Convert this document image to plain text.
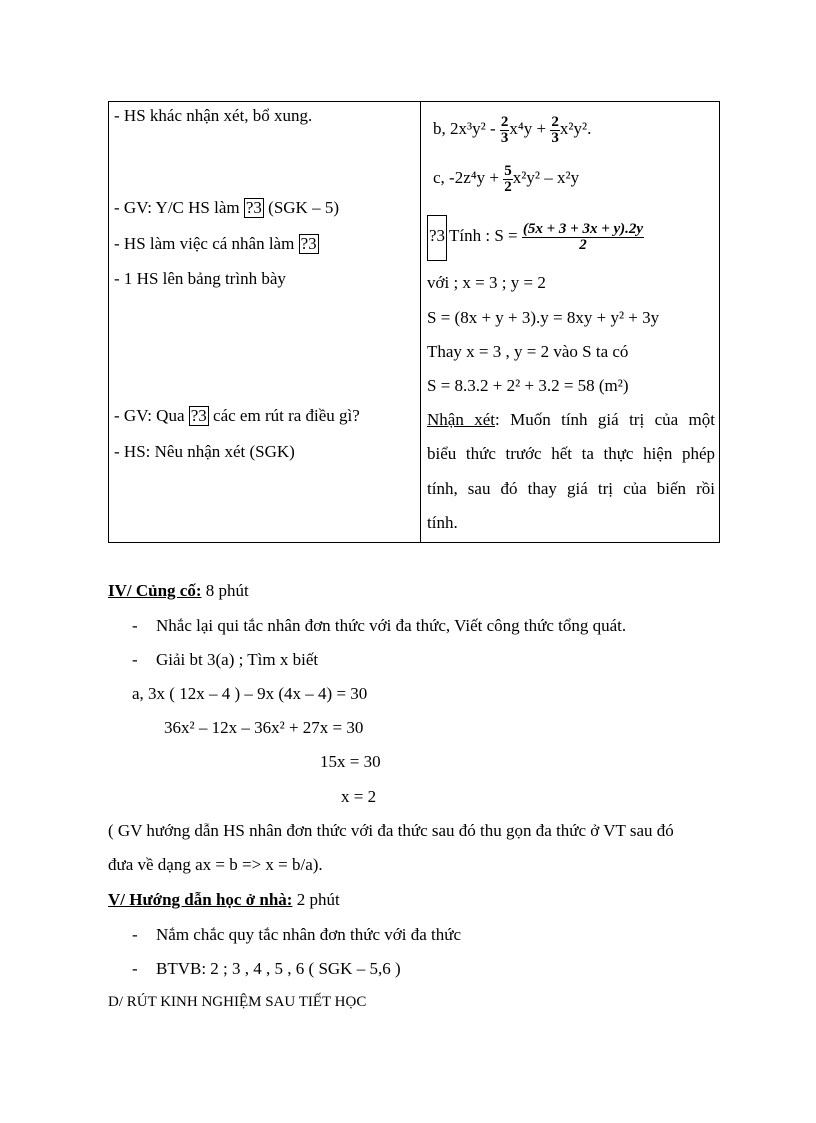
- HS khác nhận xét, bổ xung.
- GV: Y/C HS làm ?3 (SGK – 5)
- HS làm việc cá nhân làm ?3
- 1 HS lên bảng trình bày
- GV: Qua ?3 các em rút ra điều gì?
- HS: Nêu nhận xét (SGK)
b, $2x^3y^2 - \frac{2}{3} x^4y + \frac{2}{3} x^2y^2$.
c, $-2z^4y + \frac{5}{2} x^2y^2 - x^2y$
?3 Tính : $S = \frac{(5x + 3 + 3x + y).2y}{2}$
với ; x = 3 ; y = 2
S = (8x + y + 3).y = 8xy + y² + 3y
Thay x = 3 , y = 2 vào S ta có
S = 8.3.2 + 2² + 3.2 = 58 (m²)
Nhận xét: Muốn tính giá trị của một
biểu thức trước hết ta thực hiện phép
tính, sau đó thay giá trị của biến rồi
tính.
IV/ Củng cố: 8 phút
- Nhắc lại qui tắc nhân đơn thức với đa thức, Viết công thức tổng quát.
- Giải bt 3(a) ; Tìm x biết
a, 3x ( 12x – 4 ) – 9x (4x – 4) = 30
36x² – 12x – 36x² + 27x = 30
15x = 30
x = 2
( GV hướng dẫn HS nhân đơn thức với đa thức sau đó thu gọn đa thức ở VT sau đó
đưa về dạng ax = b => x = b/a).
V/ Hướng dẫn học ở nhà: 2 phút
- Nắm chắc quy tắc nhân đơn thức với đa thức
- BTVB: 2 ; 3 , 4 , 5 , 6 ( SGK – 5,6 )
D/ RÚT KINH NGHIỆM SAU TIẾT HỌC
